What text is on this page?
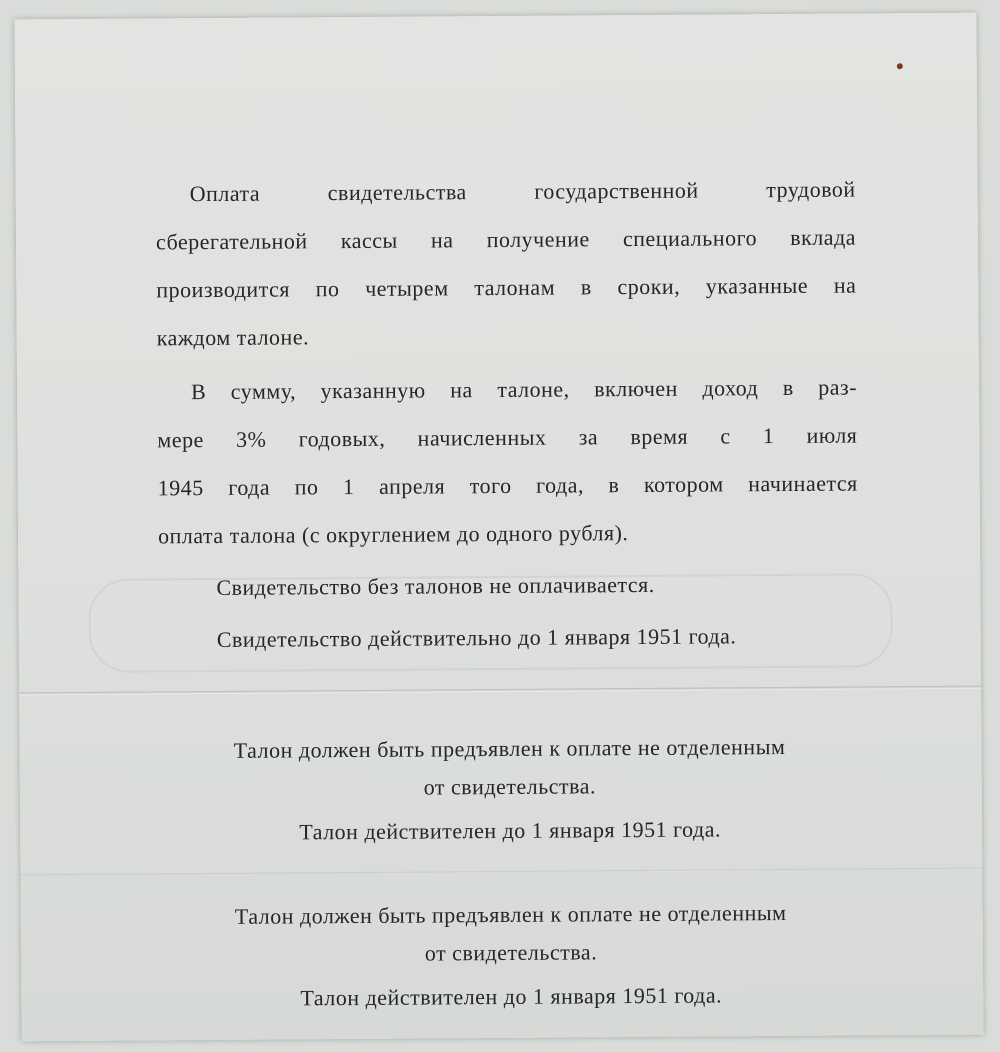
Оплата свидетельства государственной трудовой

сберегательной кассы на получение специального вклада

производится по четырем талонам в сроки, указанные на

каждом талоне.

В сумму, указанную на талоне, включен доход в раз-

мере 3% годовых, начисленных за время с 1 июля

1945 года по 1 апреля того года, в котором начинается

оплата талона (с округлением до одного рубля).

Свидетельство без талонов не оплачивается.

Свидетельство действительно до 1 января 1951 года.

Талон должен быть предъявлен к оплате не отделенным

от свидетельства.

Талон действителен до 1 января 1951 года.

Талон должен быть предъявлен к оплате не отделенным

от свидетельства.

Талон действителен до 1 января 1951 года.
